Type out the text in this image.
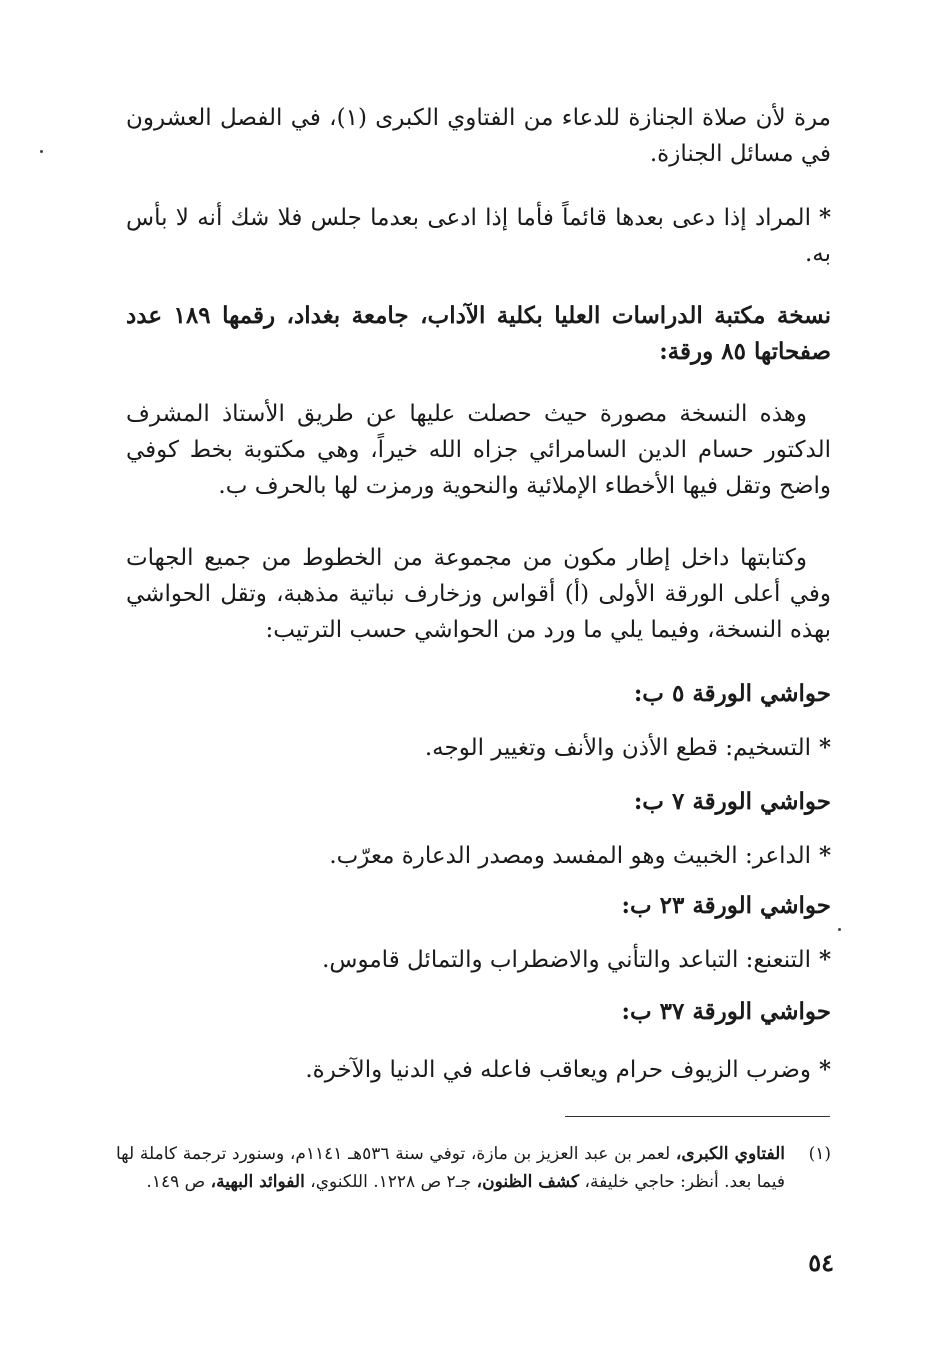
مرة لأن صلاة الجنازة للدعاء من الفتاوي الكبرى (١)، في الفصل العشرون في مسائل الجنازة.
*المراد إذا دعى بعدها قائماً فأما إذا ادعى بعدما جلس فلا شك أنه لا بأس به.
نسخة مكتبة الدراسات العليا بكلية الآداب، جامعة بغداد، رقمها ١٨٩ عدد صفحاتها ٨٥ ورقة:
وهذه النسخة مصورة حيث حصلت عليها عن طريق الأستاذ المشرف الدكتور حسام الدين السامرائي جزاه الله خيراً، وهي مكتوبة بخط كوفي واضح وتقل فيها الأخطاء الإملائية والنحوية ورمزت لها بالحرف ب.
وكتابتها داخل إطار مكون من مجموعة من الخطوط من جميع الجهات وفي أعلى الورقة الأولى (أ) أقواس وزخارف نباتية مذهبة، وتقل الحواشي بهذه النسخة، وفيما يلي ما ورد من الحواشي حسب الترتيب:
حواشي الورقة ٥ ب:
*التسخيم: قطع الأذن والأنف وتغيير الوجه.
حواشي الورقة ٧ ب:
*الداعر: الخبيث وهو المفسد ومصدر الدعارة معرّب.
حواشي الورقة ٢٣ ب:
*التنعنع: التباعد والتأني والاضطراب والتمائل قاموس.
حواشي الورقة ٣٧ ب:
*وضرب الزيوف حرام ويعاقب فاعله في الدنيا والآخرة.
(١)
الفتاوي الكبرى، لعمر بن عبد العزيز بن مازة، توفي سنة ٥٣٦هـ ١١٤١م، وسنورد ترجمة كاملة لها فيما بعد. أنظر: حاجي خليفة، كشف الظنون، جـ٢ ص ١٢٢٨. اللكنوي، الفوائد البهية، ص ١٤٩.
٥٤
